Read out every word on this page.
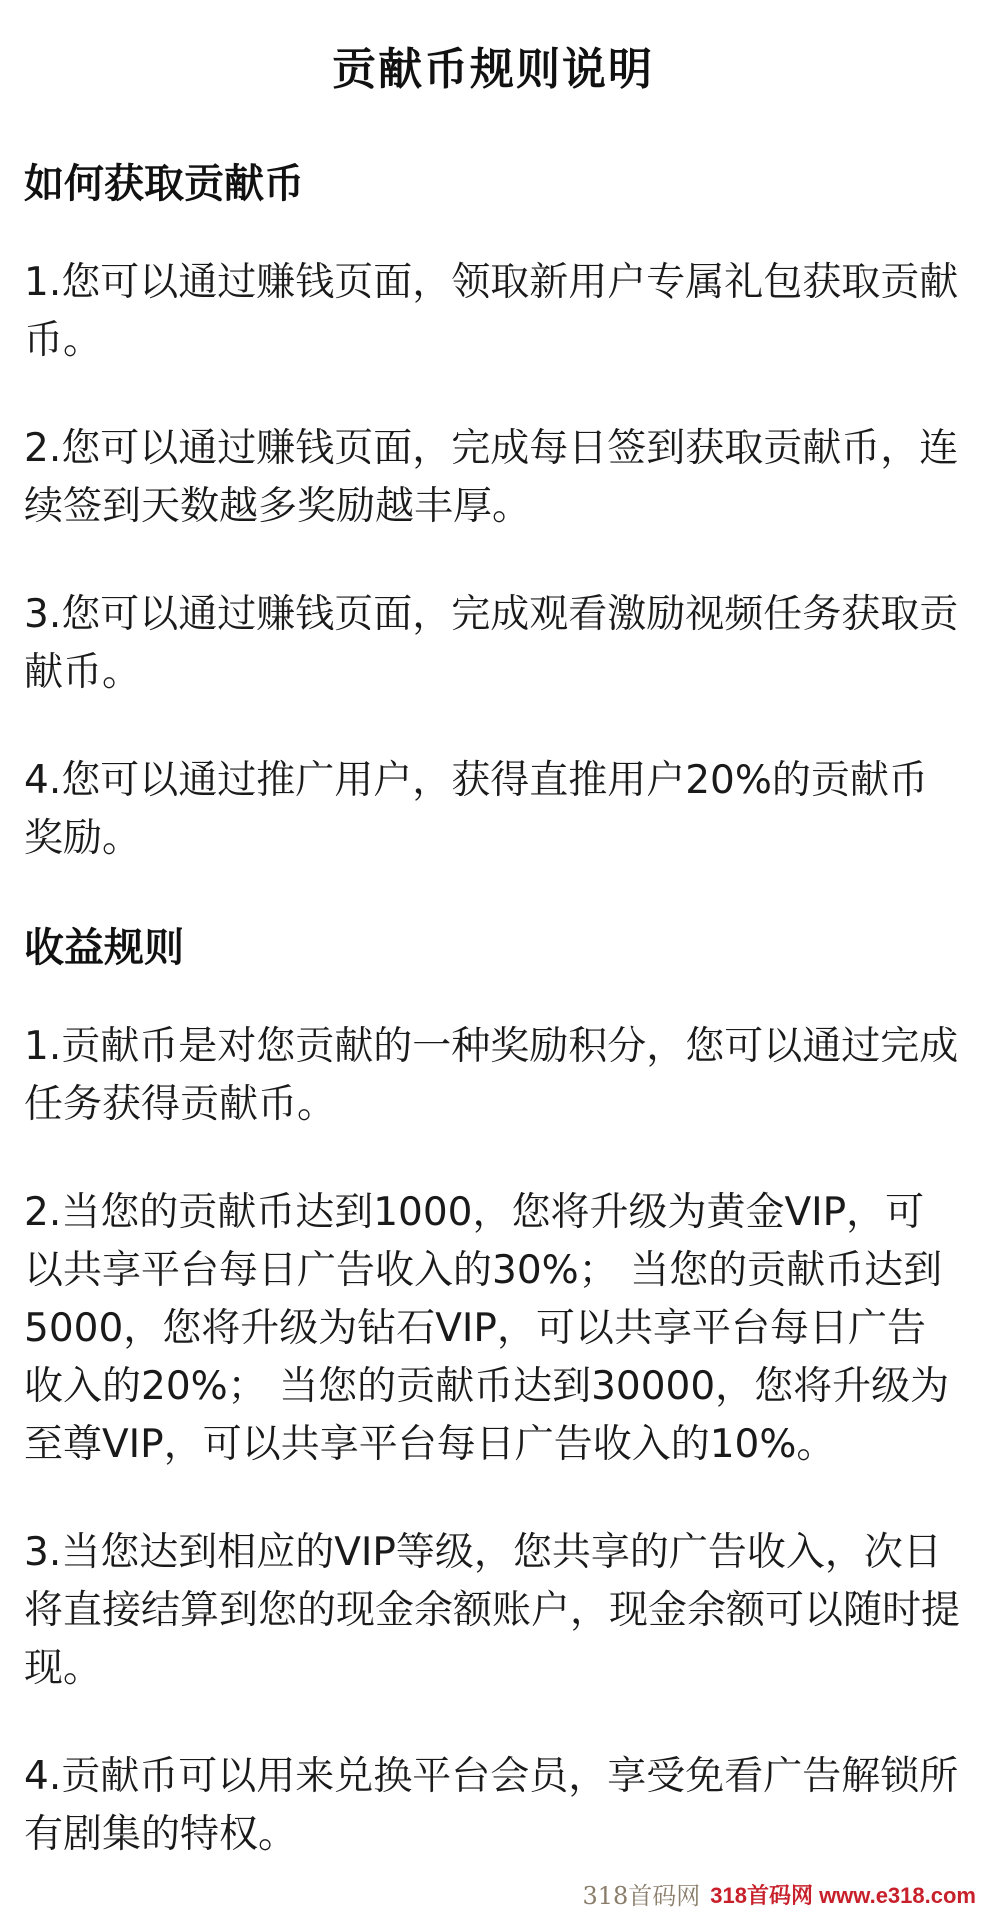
贡献币规则说明
如何获取贡献币

1.您可以通过赚钱页面，领取新用户专属礼包获取贡献币。

2.您可以通过赚钱页面，完成每日签到获取贡献币，连续签到天数越多奖励越丰厚。

3.您可以通过赚钱页面，完成观看激励视频任务获取贡献币。

4.您可以通过推广用户，获得直推用户20%的贡献币奖励。

收益规则

1.贡献币是对您贡献的一种奖励积分，您可以通过完成任务获得贡献币。

2.当您的贡献币达到1000，您将升级为黄金VIP，可以共享平台每日广告收入的30%； 当您的贡献币达到5000，您将升级为钻石VIP，可以共享平台每日广告收入的20%； 当您的贡献币达到30000，您将升级为至尊VIP，可以共享平台每日广告收入的10%。

3.当您达到相应的VIP等级，您共享的广告收入，次日将直接结算到您的现金余额账户，现金余额可以随时提现。

4.贡献币可以用来兑换平台会员，享受免看广告解锁所有剧集的特权。

318首码网 318首码网 www.e318.com
